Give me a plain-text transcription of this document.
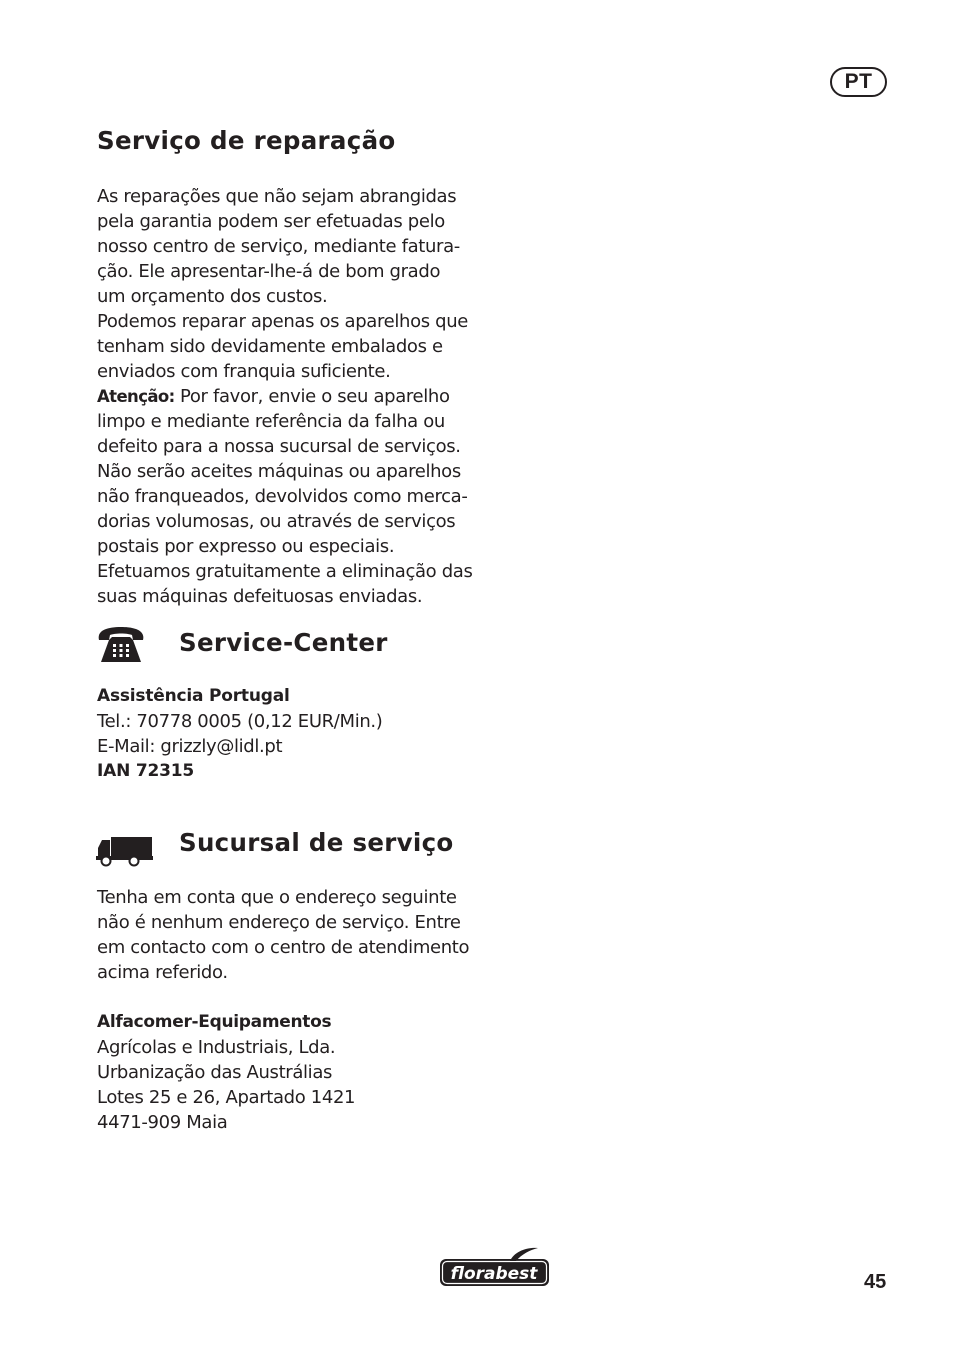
PT
Serviço de reparação

As reparações que não sejam abrangidas

pela garantia podem ser efetuadas pelo

nosso centro de serviço, mediante fatura-

ção. Ele apresentar-lhe-á de bom grado

um orçamento dos custos.

Podemos reparar apenas os aparelhos que

tenham sido devidamente embalados e

enviados com franquia suficiente.

Atenção: Por favor, envie o seu aparelho

limpo e mediante referência da falha ou

defeito para a nossa sucursal de serviços.

Não serão aceites máquinas ou aparelhos

não franqueados, devolvidos como merca-

dorias volumosas, ou através de serviços

postais por expresso ou especiais.

Efetuamos gratuitamente a eliminação das

suas máquinas defeituosas enviadas.

Service-Center

Assistência Portugal

Tel.: 70778 0005 (0,12 EUR/Min.)

E-Mail: grizzly@lidl.pt

IAN 72315

Sucursal de serviço

Tenha em conta que o endereço seguinte

não é nenhum endereço de serviço. Entre

em contacto com o centro de atendimento

acima referido.

Alfacomer-Equipamentos

Agrícolas e Industriais, Lda.

Urbanização das Austrálias

Lotes 25 e 26, Apartado 1421

4471-909 Maia

florabest	45
